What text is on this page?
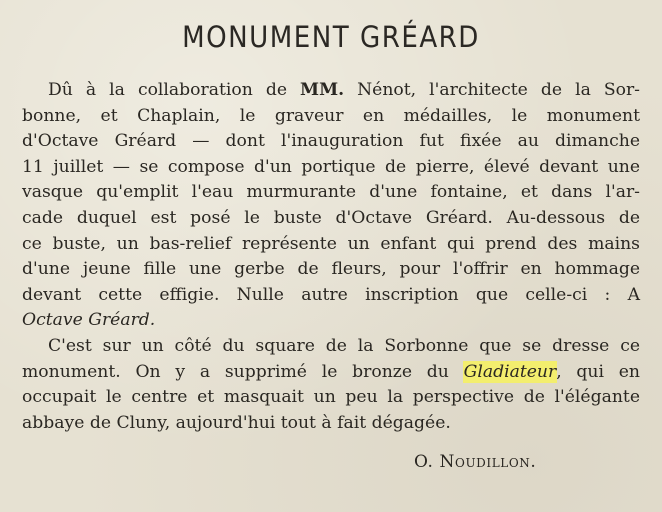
MONUMENT GRÉARD
Dû à la collaboration de MM. Nénot, l'architecte de la Sor-
bonne, et Chaplain, le graveur en médailles, le monument
d'Octave Gréard — dont l'inauguration fut fixée au dimanche
11 juillet — se compose d'un portique de pierre, élevé devant une
vasque qu'emplit l'eau murmurante d'une fontaine, et dans l'ar-
cade duquel est posé le buste d'Octave Gréard. Au-dessous de
ce buste, un bas-relief représente un enfant qui prend des mains
d'une jeune fille une gerbe de fleurs, pour l'offrir en hommage
devant cette effigie. Nulle autre inscription que celle-ci : A
Octave Gréard.
C'est sur un côté du square de la Sorbonne que se dresse ce
monument. On y a supprimé le bronze du Gladiateur, qui en
occupait le centre et masquait un peu la perspective de l'élégante
abbaye de Cluny, aujourd'hui tout à fait dégagée.
O. Noudillon.
